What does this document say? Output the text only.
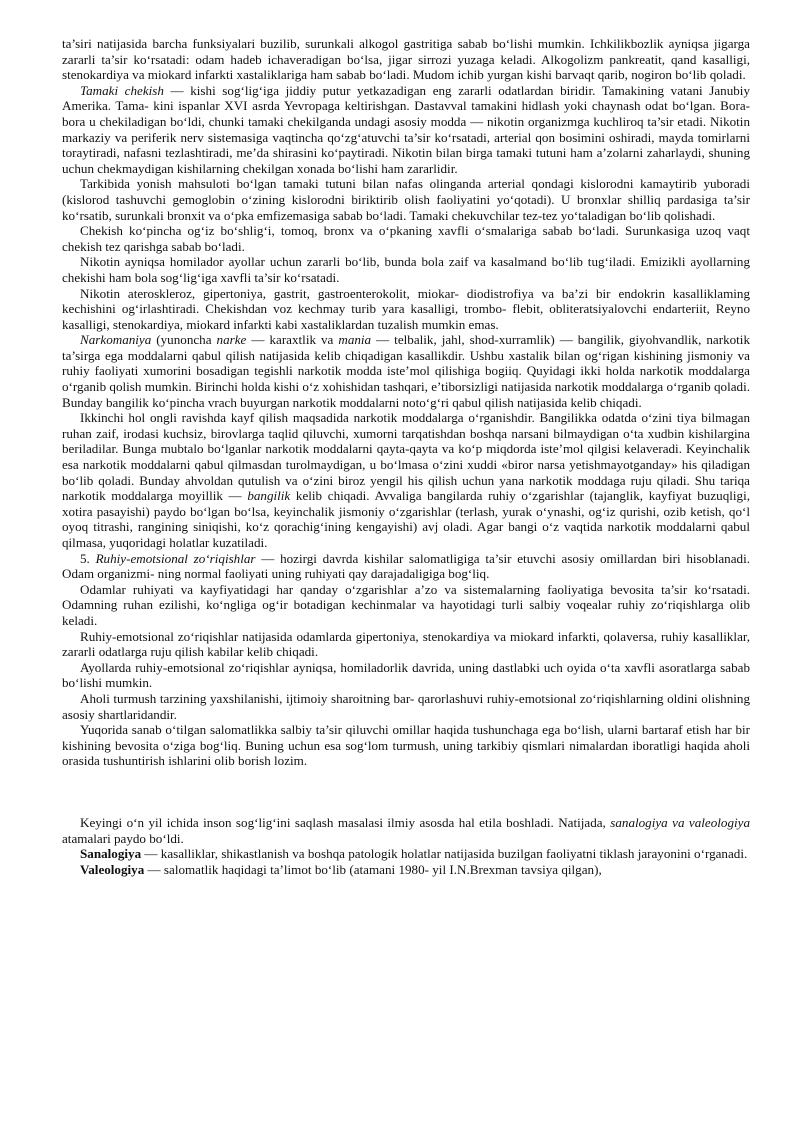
ta’siri natijasida barcha funksiyalari buzilib, surunkali alkogol gastritiga sabab bo‘lishi mumkin. Ichkilikbozlik ayniqsa jigarga zararli ta’sir ko‘rsatadi: odam hadeb ichaveradigan bo‘lsa, jigar sirrozi yuzaga keladi. Alkogolizm pankreatit, qand kasalligi, stenokardiya va miokard infarkti xastaliklariga ham sabab bo‘ladi. Mudom ichib yurgan kishi barvaqt qarib, nogiron bo‘lib qoladi.

Tamaki chekish — kishi sog‘lig‘iga jiddiy putur yetkazadigan eng zararli odatlardan biridir. Tamakining vatani Janubiy Amerika. Tama- kini ispanlar XVI asrda Yevropaga keltirishgan. Dastavval tamakini hidlash yoki chaynash odat bo‘lgan. Bora-bora u chekiladigan bo‘ldi, chunki tamaki chekilganda undagi asosiy modda — nikotin organizmga kuchliroq ta’sir etadi. Nikotin markaziy va periferik nerv sistemasiga vaqtincha qo‘zg‘atuvchi ta’sir ko‘rsatadi, arterial qon bosimini oshiradi, mayda tomirlarni toraytiradi, nafasni tezlashtiradi, me’da shirasini ko‘paytiradi. Nikotin bilan birga tamaki tutuni ham a’zolarni zaharlaydi, shuning uchun chekmaydigan kishilarning chekilgan xonada bo‘lishi ham zararlidir.

Tarkibida yonish mahsuloti bo‘lgan tamaki tutuni bilan nafas olinganda arterial qondagi kislorodni kamaytirib yuboradi (kislorod tashuvchi gemoglobin o‘zining kislorodni biriktirib olish faoliyatini yo‘qotadi). U bronxlar shilliq pardasiga ta’sir ko‘rsatib, surunkali bronxit va o‘pka emfizemasiga sabab bo‘ladi. Tamaki chekuvchilar tez-tez yo‘taladigan bo‘lib qolishadi.

Chekish ko‘pincha og‘iz bo‘shlig‘i, tomoq, bronx va o‘pkaning xavfli o‘smalariga sabab bo‘ladi. Surunkasiga uzoq vaqt chekish tez qarishga sabab bo‘ladi.

Nikotin ayniqsa homilador ayollar uchun zararli bo‘lib, bunda bola zaif va kasalmand bo‘lib tug‘iladi. Emizikli ayollarning chekishi ham bola sog‘lig‘iga xavfli ta’sir ko‘rsatadi.

Nikotin ateroskleroz, gipertoniya, gastrit, gastroenterokolit, miokar- diodistrofiya va ba’zi bir endokrin kasalliklaming kechishini og‘irlashtiradi. Chekishdan voz kechmay turib yara kasalligi, trombo- flebit, obliteratsiyalovchi endarteriit, Reyno kasalligi, stenokardiya, miokard infarkti kabi xastaliklardan tuzalish mumkin emas.

Narkomaniya (yunoncha narke — karaxtlik va mania — telbalik, jahl, shod-xurramlik) — bangilik, giyohvandlik, narkotik ta’sirga ega moddalarni qabul qilish natijasida kelib chiqadigan kasallikdir. Ushbu xastalik bilan og‘rigan kishining jismoniy va ruhiy faoliyati xumorini bosadigan tegishli narkotik modda iste’mol qilishiga bogiiq. Quyidagi ikki holda narkotik moddalarga o‘rganib qolish mumkin. Birinchi holda kishi o‘z xohishidan tashqari, e’tiborsizligi natijasida narkotik moddalarga o‘rganib qoladi. Bunday bangilik ko‘pincha vrach buyurgan narkotik moddalarni noto‘g‘ri qabul qilish natijasida kelib chiqadi.

Ikkinchi hol ongli ravishda kayf qilish maqsadida narkotik moddalarga o‘rganishdir. Bangilikka odatda o‘zini tiya bilmagan ruhan zaif, irodasi kuchsiz, birovlarga taqlid qiluvchi, xumorni tarqatishdan boshqa narsani bilmaydigan o‘ta xudbin kishilarginа beriladilar. Bunga mubtalo bo‘lganlar narkotik moddalarni qayta-qayta va ko‘p miqdorda iste’mol qilgisi kelaveradi. Keyinchalik esa narkotik moddalarni qabul qilmasdan turolmaydigan, u bo‘lmasa o‘zini xuddi «biror narsa yetishmayotganday» his qiladigan bo‘lib qoladi. Bunday ahvoldan qutulish va o‘zini biroz yengil his qilish uchun yana narkotik moddaga ruju qiladi. Shu tariqa narkotik moddalarga moyillik — bangilik kelib chiqadi. Avvaliga bangilarda ruhiy o‘zgarishlar (tajanglik, kayfiyat buzuqligi, xotira pasayishi) paydo bo‘lgan bo‘lsa, keyinchalik jismoniy o‘zgarishlar (terlash, yurak o‘ynashi, og‘iz qurishi, ozib ketish, qo‘l oyoq titrashi, rangining siniqishi, ko‘z qorachig‘ining kengayishi) avj oladi. Agar bangi o‘z vaqtida narkotik moddalarni qabul qilmasa, yuqoridagi holatlar kuzatiladi.

5. Ruhiy-emotsional zo‘riqishlar — hozirgi davrda kishilar salomatligiga ta’sir etuvchi asosiy omillardan biri hisoblanadi. Odam organizmi- ning normal faoliyati uning ruhiyati qay darajadaligiga bog‘liq.

Odamlar ruhiyati va kayfiyatidagi har qanday o‘zgarishlar a’zo va sistemalarning faoliyatiga bevosita ta’sir ko‘rsatadi. Odamning ruhan ezilishi, ko‘ngliga og‘ir botadigan kechinmalar va hayotidagi turli salbiy voqealar ruhiy zo‘riqishlarga olib keladi.

Ruhiy-emotsional zo‘riqishlar natijasida odamlarda gipertoniya, stenokardiya va miokard infarkti, qolaversa, ruhiy kasalliklar, zararli odatlarga ruju qilish kabilar kelib chiqadi.

Ayollarda ruhiy-emotsional zo‘riqishlar ayniqsa, homiladorlik davrida, uning dastlabki uch oyida o‘ta xavfli asoratlarga sabab bo‘lishi mumkin.

Aholi turmush tarzining yaxshilanishi, ijtimoiy sharoitning bar- qarorlashuvi ruhiy-emotsional zo‘riqishlarning oldini olishning asosiy shartlaridandir.

Yuqorida sanab o‘tilgan salomatlikka salbiy ta’sir qiluvchi omillar haqida tushunchaga ega bo‘lish, ularni bartaraf etish har bir kishining bevosita o‘ziga bog‘liq. Buning uchun esa sog‘lom turmush, uning tarkibiy qismlari nimalardan iboratligi haqida aholi orasida tushuntirish ishlarini olib borish lozim.

Keyingi o‘n yil ichida inson sog‘lig‘ini saqlash masalasi ilmiy asosda hal etila boshladi. Natijada, sanalogiya va valeologiya atamalari paydo bo‘ldi.

Sanalogiya — kasalliklar, shikastlanish va boshqa patologik holatlar natijasida buzilgan faoliyatni tiklash jarayonini o‘rganadi.

Valeologiya — salomatlik haqidagi ta’limot bo‘lib (atamani 1980- yil I.N.Brexman tavsiya qilgan),
